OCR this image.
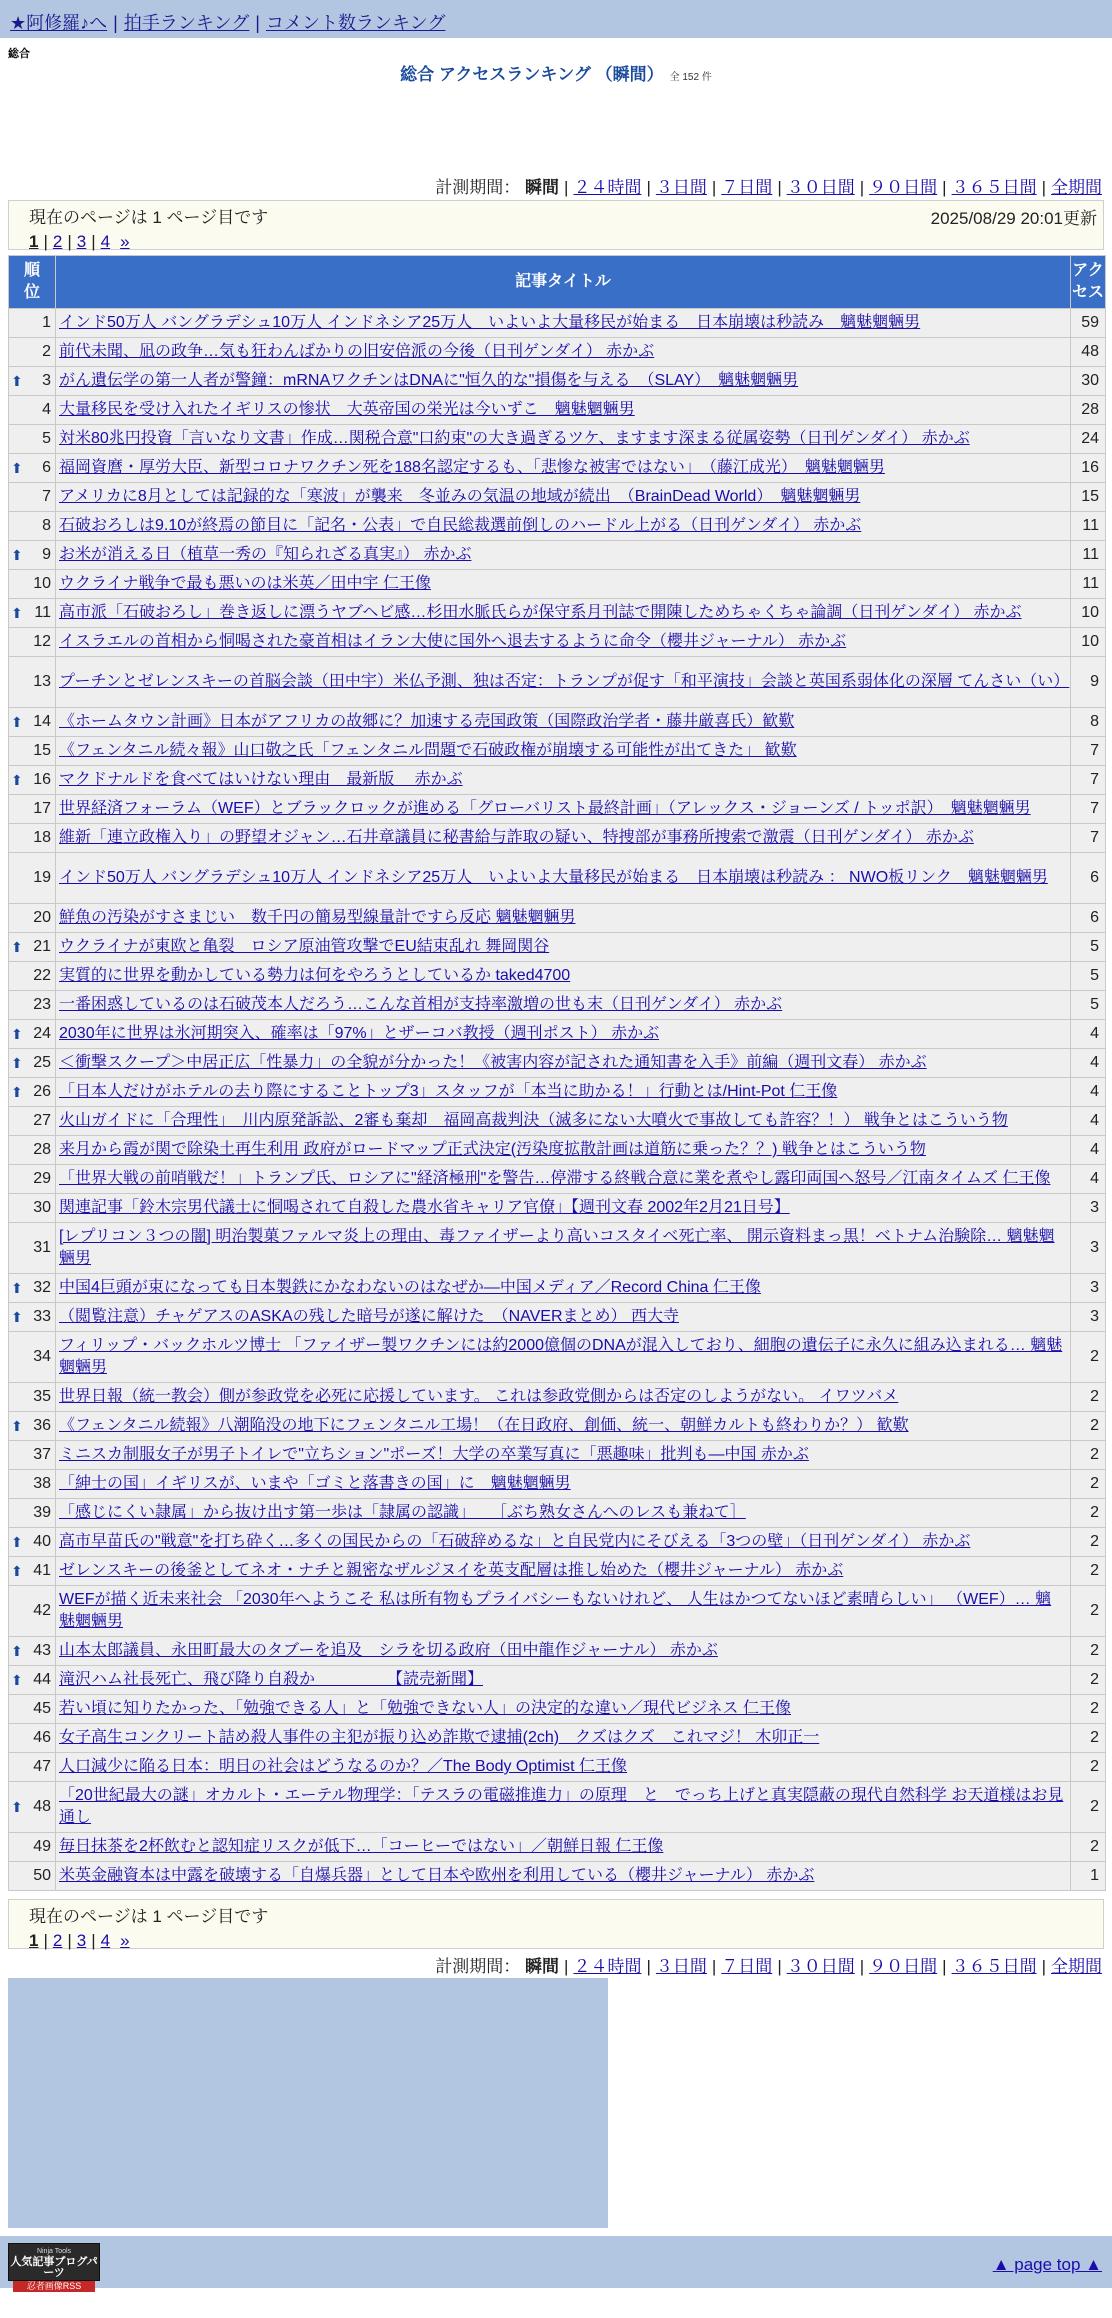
★阿修羅♪へ | 拍手ランキング | コメント数ランキング
総合
総合 アクセスランキング （瞬間） 全 152 件
計測期間： 瞬間 | ２４時間 | ３日間 | ７日間 | ３０日間 | ９０日間 | ３６５日間 | 全期間
現在のページは 1 ページ目です	2025/08/29 20:01更新
1 | 2 | 3 | 4 »
順位	記事タイトル	アクセス
1	インド50万人 バングラデシュ10万人 インドネシア25万人　いよいよ大量移民が始まる　日本崩壊は秒読み　魑魅魍魎男	59
2	前代未聞、凪の政争…気も狂わんばかりの旧安倍派の今後（日刊ゲンダイ） 赤かぶ	48

⬆ 3	がん遺伝学の第一人者が警鐘：mRNAワクチンはDNAに"恒久的な"損傷を与える　（SLAY）　魑魅魍魎男	30
4	大量移民を受け入れたイギリスの惨状　大英帝国の栄光は今いずこ　魑魅魍魎男	28
5	対米80兆円投資「言いなり文書」作成…関税合意"口約束"の大き過ぎるツケ、ますます深まる従属姿勢（日刊ゲンダイ） 赤かぶ	24

⬆ 6	福岡資麿・厚労大臣、新型コロナワクチン死を188名認定するも、「悲惨な被害ではない」　（藤江成光）　魑魅魍魎男	16
7	アメリカに8月としては記録的な「寒波」が襲来　冬並みの気温の地域が続出　（BrainDead World）　魑魅魍魎男	15
8	石破おろしは9.10が終焉の節目に「記名・公表」で自民総裁選前倒しのハードル上がる（日刊ゲンダイ） 赤かぶ	11

⬆ 9	お米が消える日（植草一秀の『知られざる真実』） 赤かぶ	11
10	ウクライナ戦争で最も悪いのは米英／田中宇 仁王像	11

⬆ 11	高市派「石破おろし」巻き返しに漂うヤブヘビ感…杉田水脈氏らが保守系月刊誌で開陳しためちゃくちゃ論調（日刊ゲンダイ） 赤かぶ	10
12	イスラエルの首相から恫喝された豪首相はイラン大使に国外へ退去するように命令（櫻井ジャーナル） 赤かぶ	10
13	プーチンとゼレンスキーの首脳会談（田中宇）米仏予測、独は否定：トランプが促す「和平演技」会談と英国系弱体化の深層 てんさい（い）	9

⬆ 14	《ホームタウン計画》日本がアフリカの故郷に？加速する売国政策（国際政治学者・藤井厳喜氏）歓歎	8
15	《フェンタニル続々報》山口敬之氏「フェンタニル問題で石破政権が崩壊する可能性が出てきた」 歓歎	7

⬆ 16	マクドナルドを食べてはいけない理由　最新版　 赤かぶ	7
17	世界経済フォーラム（WEF）とブラックロックが進める「グローバリスト最終計画」（アレックス・ジョーンズ / トッポ訳）　魑魅魍魎男	7
18	維新「連立政権入り」の野望オジャン…石井章議員に秘書給与詐取の疑い、特捜部が事務所捜索で激震（日刊ゲンダイ） 赤かぶ	7
19	インド50万人 バングラデシュ10万人 インドネシア25万人　いよいよ大量移民が始まる　日本崩壊は秒読み ： NWO板リンク　魑魅魍魎男	6
20	鮮魚の汚染がすさまじい　数千円の簡易型線量計ですら反応 魑魅魍魎男	6

⬆ 21	ウクライナが東欧と亀裂　ロシア原油管攻撃でEU結束乱れ 舞岡関谷	5
22	実質的に世界を動かしている勢力は何をやろうとしているか taked4700	5
23	一番困惑しているのは石破茂本人だろう…こんな首相が支持率激増の世も末（日刊ゲンダイ） 赤かぶ	5

⬆ 24	2030年に世界は氷河期突入、確率は「97%」とザーコバ教授（週刊ポスト） 赤かぶ	4

⬆ 25	＜衝撃スクープ＞中居正広「性暴力」の全貌が分かった！《被害内容が記された通知書を入手》前編（週刊文春） 赤かぶ	4

⬆ 26	「日本人だけがホテルの去り際にすることトップ3」スタッフが「本当に助かる！」行動とは/Hint-Pot 仁王像	4
27	火山ガイドに「合理性」　川内原発訴訟、2審も棄却　福岡高裁判決（滅多にない大噴火で事故しても許容？！） 戦争とはこういう物	4
28	来月から霞が関で除染土再生利用 政府がロードマップ正式決定(汚染度拡散計画は道筋に乗った？？) 戦争とはこういう物	4
29	「世界大戦の前哨戦だ！」トランプ氏、ロシアに"経済極刑"を警告…停滞する終戦合意に業を煮やし露印両国へ怒号／江南タイムズ 仁王像	4
30	関連記事「鈴木宗男代議士に恫喝されて自殺した農水省キャリア官僚」【週刊文春 2002年2月21日号】	3
31	[レプリコン３つの闇] 明治製菓ファルマ炎上の理由、毒ファイザーより高いコスタイベ死亡率、 開示資料まっ黒！ベトナム治験除… 魑魅魍魎男	3

⬆ 32	中国4巨頭が束になっても日本製鉄にかなわないのはなぜか―中国メディア／Record China 仁王像	3

⬆ 33	（閲覧注意）チャゲアスのASKAの残した暗号が遂に解けた　（NAVERまとめ） 西大寺	3
34	フィリップ・バックホルツ博士 「ファイザー製ワクチンには約2000億個のDNAが混入しており、細胞の遺伝子に永久に組み込まれる… 魑魅魍魎男	2
35	世界日報（統一教会）側が参政党を必死に応援しています。 これは参政党側からは否定のしようがない。 イワツバメ	2

⬆ 36	《フェンタニル続報》八潮陥没の地下にフェンタニル工場！（在日政府、創価、統一、朝鮮カルトも終わりか？） 歓歎	2
37	ミニスカ制服女子が男子トイレで"立ちション"ポーズ！大学の卒業写真に「悪趣味」批判も―中国 赤かぶ	2
38	「紳士の国」イギリスが、いまや「ゴミと落書きの国」に　魑魅魍魎男	2
39	「感じにくい隷属」から抜け出す第一歩は「隷属の認識」　　［ぶち熟女さんへのレスも兼ねて］	2

⬆ 40	高市早苗氏の"戦意"を打ち砕く…多くの国民からの「石破辞めるな」と自民党内にそびえる「3つの壁」（日刊ゲンダイ） 赤かぶ	2

⬆ 41	ゼレンスキーの後釜としてネオ・ナチと親密なザルジヌイを英支配層は推し始めた（櫻井ジャーナル） 赤かぶ	2
42	WEFが描く近未来社会 「2030年へようこそ 私は所有物もプライバシーもないけれど、 人生はかつてないほど素晴らしい」 （WEF）… 魑魅魍魎男	2

⬆ 43	山本太郎議員、永田町最大のタブーを追及　シラを切る政府（田中龍作ジャーナル） 赤かぶ	2

⬆ 44	滝沢ハム社長死亡、飛び降り自殺か　　　　　【読売新聞】	2
45	若い頃に知りたかった、「勉強できる人」と「勉強できない人」の決定的な違い／現代ビジネス 仁王像	2
46	女子高生コンクリート詰め殺人事件の主犯が振り込め詐欺で逮捕(2ch)　クズはクズ　これマジ！ 木卯正一	2
47	人口減少に陥る日本：明日の社会はどうなるのか？／The Body Optimist 仁王像	2

⬆ 48	「20世紀最大の謎」オカルト・エーテル物理学：「テスラの電磁推進力」の原理　と　でっち上げと真実隠蔽の現代自然科学 お天道様はお見通し	2
49	毎日抹茶を2杯飲むと認知症リスクが低下…「コーヒーではない」／朝鮮日報 仁王像	2
50	米英金融資本は中露を破壊する「自爆兵器」として日本や欧州を利用している（櫻井ジャーナル） 赤かぶ	1
現在のページは 1 ページ目です
1 | 2 | 3 | 4 »
計測期間： 瞬間 | ２４時間 | ３日間 | ７日間 | ３０日間 | ９０日間 | ３６５日間 | 全期間
Ninja Tools
人気記事ブログパーツ
忍者画像RSS
▲ page top ▲
